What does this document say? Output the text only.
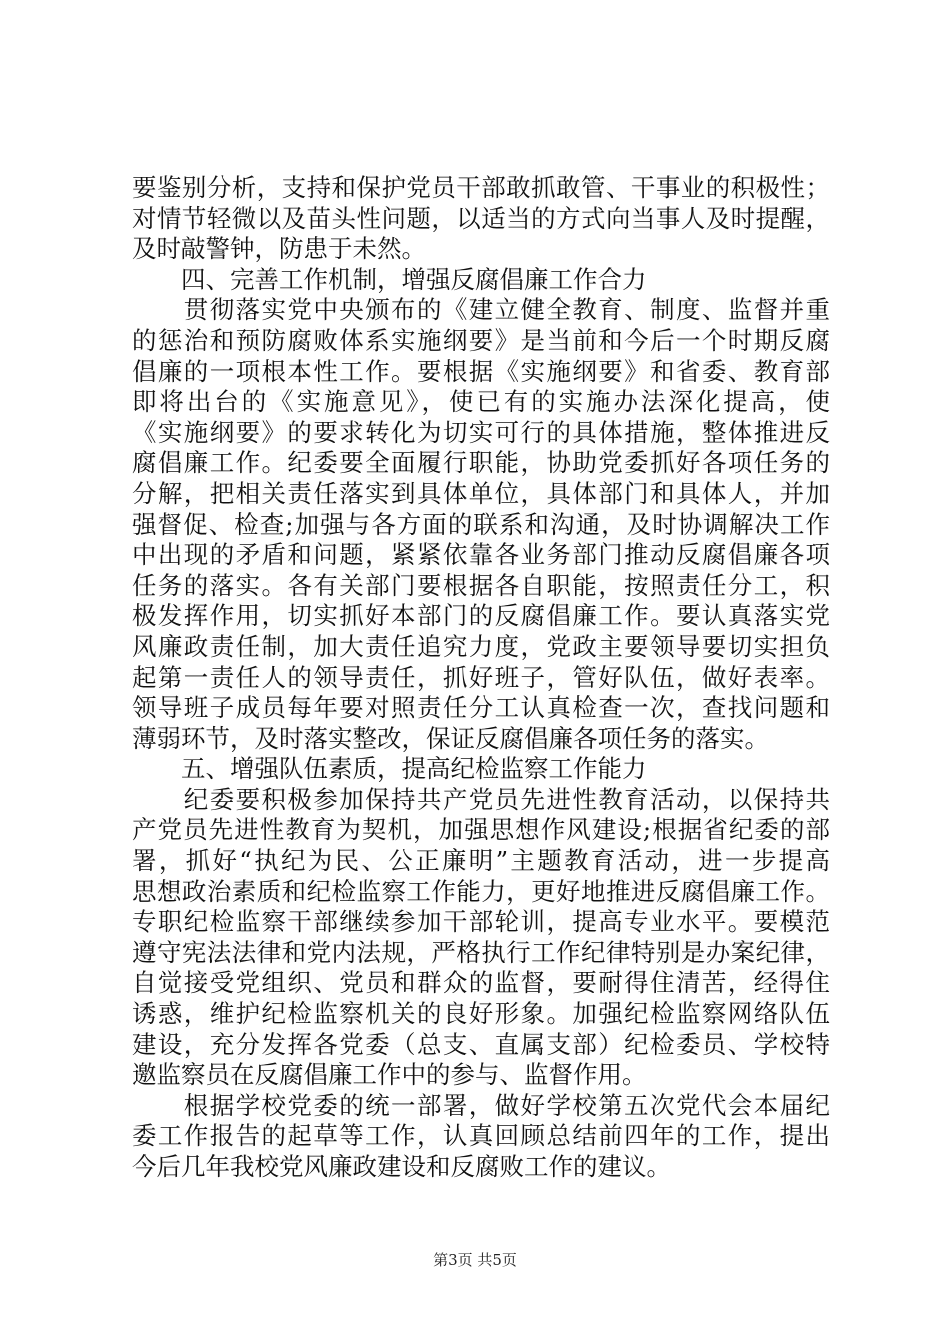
要鉴别分析，支持和保护党员干部敢抓敢管、干事业的积极性；
对情节轻微以及苗头性问题，以适当的方式向当事人及时提醒，
及时敲警钟，防患于未然。
　　四、完善工作机制，增强反腐倡廉工作合力
　　贯彻落实党中央颁布的《建立健全教育、制度、监督并重
的惩治和预防腐败体系实施纲要》是当前和今后一个时期反腐
倡廉的一项根本性工作。要根据《实施纲要》和省委、教育部
即将出台的《实施意见》，使已有的实施办法深化提高，使
《实施纲要》的要求转化为切实可行的具体措施，整体推进反
腐倡廉工作。纪委要全面履行职能，协助党委抓好各项任务的
分解，把相关责任落实到具体单位，具体部门和具体人，并加
强督促、检查;加强与各方面的联系和沟通，及时协调解决工作
中出现的矛盾和问题，紧紧依靠各业务部门推动反腐倡廉各项
任务的落实。各有关部门要根据各自职能，按照责任分工，积
极发挥作用，切实抓好本部门的反腐倡廉工作。要认真落实党
风廉政责任制，加大责任追究力度，党政主要领导要切实担负
起第一责任人的领导责任，抓好班子，管好队伍，做好表率。
领导班子成员每年要对照责任分工认真检查一次，查找问题和
薄弱环节，及时落实整改，保证反腐倡廉各项任务的落实。
　　五、增强队伍素质，提高纪检监察工作能力
　　纪委要积极参加保持共产党员先进性教育活动，以保持共
产党员先进性教育为契机，加强思想作风建设;根据省纪委的部
署，抓好“执纪为民、公正廉明”主题教育活动，进一步提高
思想政治素质和纪检监察工作能力，更好地推进反腐倡廉工作。
专职纪检监察干部继续参加干部轮训，提高专业水平。要模范
遵守宪法法律和党内法规，严格执行工作纪律特别是办案纪律，
自觉接受党组织、党员和群众的监督，要耐得住清苦，经得住
诱惑，维护纪检监察机关的良好形象。加强纪检监察网络队伍
建设，充分发挥各党委（总支、直属支部）纪检委员、学校特
邀监察员在反腐倡廉工作中的参与、监督作用。
　　根据学校党委的统一部署，做好学校第五次党代会本届纪
委工作报告的起草等工作，认真回顾总结前四年的工作，提出
今后几年我校党风廉政建设和反腐败工作的建议。
第3页 共5页
